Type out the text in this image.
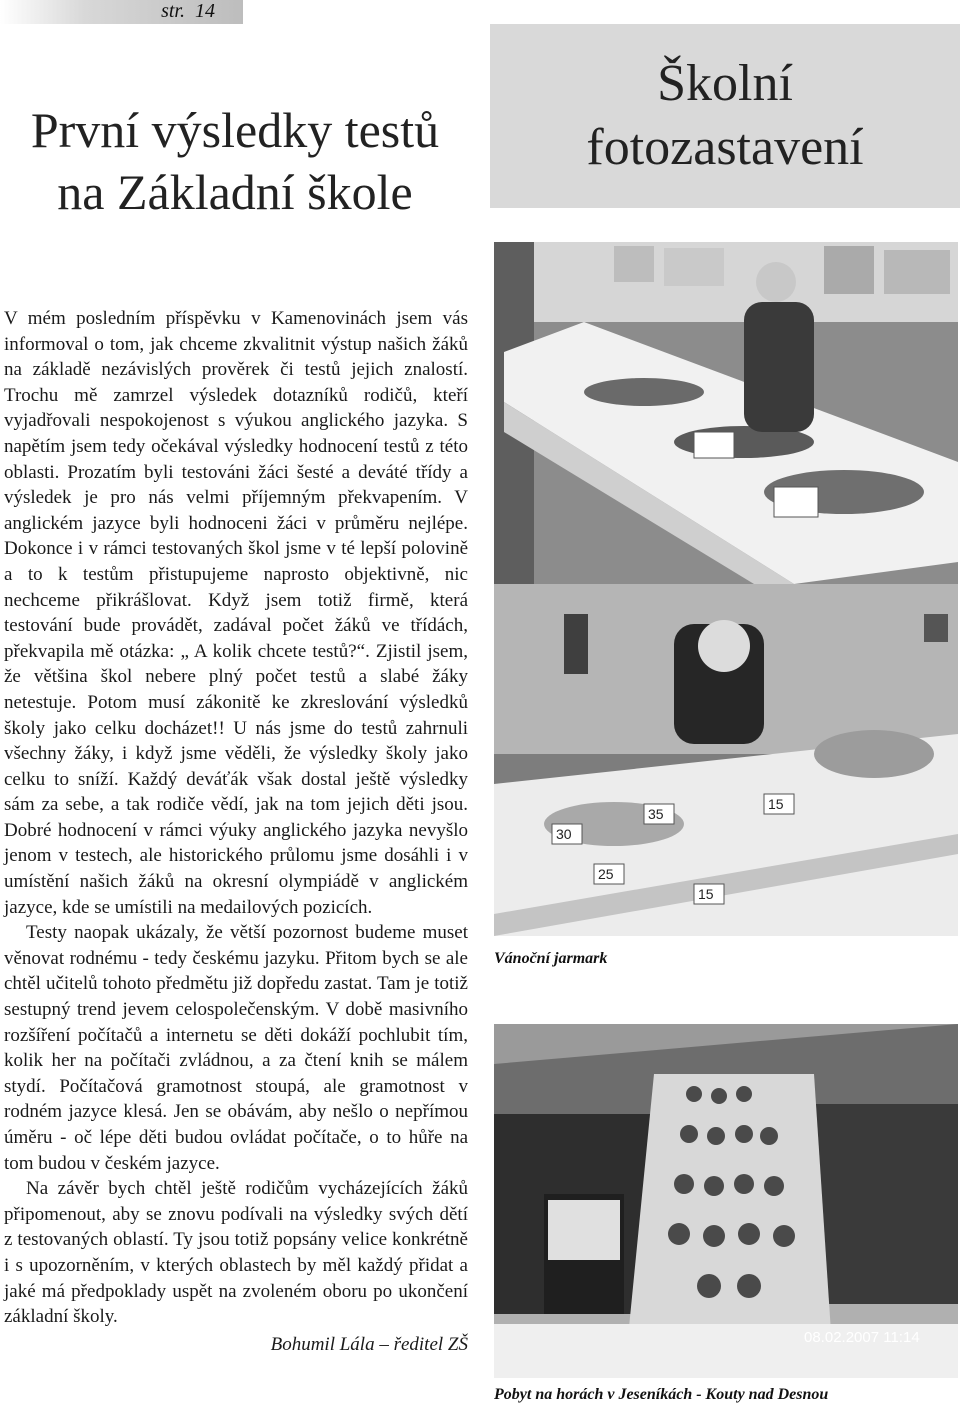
str. 14
První výsledky testů na Základní škole
Školní fotozastavení

V mém posledním příspěvku v Kamenovinách jsem vás informoval o tom, jak chceme zkvalitnit výstup našich žáků na základě nezávislých prověrek či testů jejich znalostí. Trochu mě zamrzel výsledek dotazníků rodičů, kteří vyjadřovali nespokojenost s výukou anglického jazyka. S napětím jsem tedy očekával výsledky hodnocení testů z této oblasti. Prozatím byli testováni žáci šesté a deváté třídy a výsledek je pro nás velmi příjemným překvapením. V anglickém jazyce byli hodnoceni žáci v průměru nejlépe. Dokonce i v rámci testovaných škol jsme v té lepší polovině a to k testům přistupujeme naprosto objektivně, nic nechceme přikrášlovat. Když jsem totiž firmě, která testování bude provádět, zadával počet žáků ve třídách, překvapila mě otázka: „ A kolik chcete testů?“. Zjistil jsem, že většina škol nebere plný počet testů a slabé žáky netestuje. Potom musí zákonitě ke zkreslování výsledků školy jako celku docházet!! U nás jsme do testů zahrnuli všechny žáky, i když jsme věděli, že výsledky školy jako celku to sníží. Každý deváťák však dostal ještě výsledky sám za sebe, a tak rodiče vědí, jak na tom jejich děti jsou. Dobré hodnocení v rámci výuky anglického jazyka nevyšlo jenom v testech, ale historického průlomu jsme dosáhli i v umístění našich žáků na okresní olympiádě v anglickém jazyce, kde se umístili na medailových pozicích.

Testy naopak ukázaly, že větší pozornost budeme muset věnovat rodnému - tedy českému jazyku. Přitom bych se ale chtěl učitelů tohoto předmětu již dopředu zastat. Tam je totiž sestupný trend jevem celospolečenským. V době masivního rozšíření počítačů a internetu se děti dokáží pochlubit tím, kolik her na počítači zvládnou, a za čtení knih se málem stydí. Počítačová gramotnost stoupá, ale gramotnost v rodném jazyce klesá. Jen se obávám, aby nešlo o nepřímou úměru - oč lépe děti budou ovládat počítače, o to hůře na tom budou v českém jazyce.

Na závěr bych chtěl ještě rodičům vycházejících žáků připomenout, aby se znovu podívali na výsledky svých dětí z testovaných oblastí. Ty jsou totiž popsány velice konkrétně i s upozorněním, v kterých oblastech by měl každý přidat a jaké má předpoklady uspět na zvoleném oboru po ukončení základní školy.

Bohumil Lála – ředitel ZŠ
30
35
15
25
15
Vánoční jarmark
08.02.2007 11:14
Pobyt na horách v Jeseníkách - Kouty nad Desnou
